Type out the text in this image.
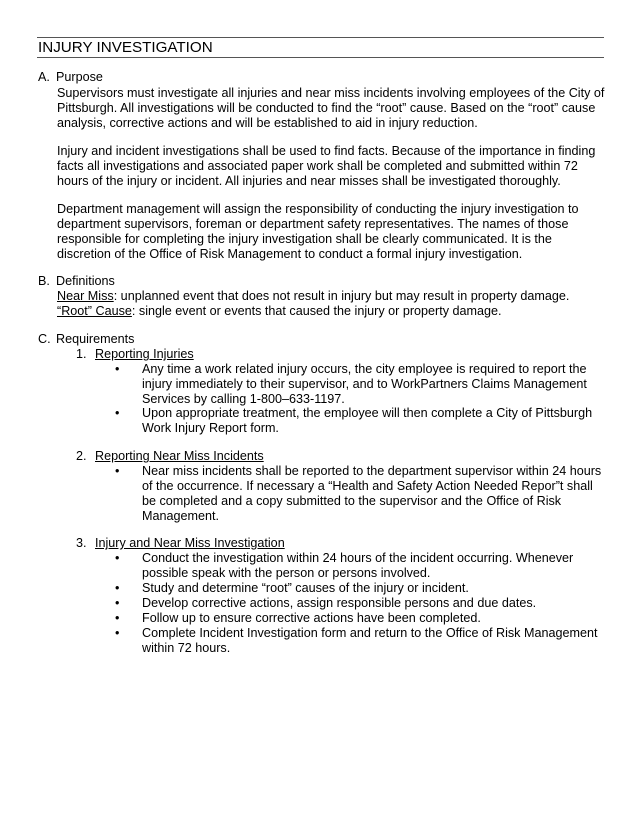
INJURY INVESTIGATION
A. Purpose
Supervisors must investigate all injuries and near miss incidents involving employees of the City of
Pittsburgh. All investigations will be conducted to find the “root” cause. Based on the “root” cause
analysis, corrective actions and will be established to aid in injury reduction.
Injury and incident investigations shall be used to find facts. Because of the importance in finding
facts all investigations and associated paper work shall be completed and submitted within 72
hours of the injury or incident. All injuries and near misses shall be investigated thoroughly.
Department management will assign the responsibility of conducting the injury investigation to
department supervisors, foreman or department safety representatives. The names of those
responsible for completing the injury investigation shall be clearly communicated. It is the
discretion of the Office of Risk Management to conduct a formal injury investigation.
B. Definitions
Near Miss: unplanned event that does not result in injury but may result in property damage.
“Root” Cause: single event or events that caused the injury or property damage.
C. Requirements
1. Reporting Injuries
• Any time a work related injury occurs, the city employee is required to report the
injury immediately to their supervisor, and to WorkPartners Claims Management
Services by calling 1-800–633-1197.
• Upon appropriate treatment, the employee will then complete a City of Pittsburgh
Work Injury Report form.
2. Reporting Near Miss Incidents
• Near miss incidents shall be reported to the department supervisor within 24 hours
of the occurrence. If necessary a “Health and Safety Action Needed Repor”t shall
be completed and a copy submitted to the supervisor and the Office of Risk
Management.
3. Injury and Near Miss Investigation
• Conduct the investigation within 24 hours of the incident occurring. Whenever
possible speak with the person or persons involved.
• Study and determine “root” causes of the injury or incident.
• Develop corrective actions, assign responsible persons and due dates.
• Follow up to ensure corrective actions have been completed.
• Complete Incident Investigation form and return to the Office of Risk Management
within 72 hours.
